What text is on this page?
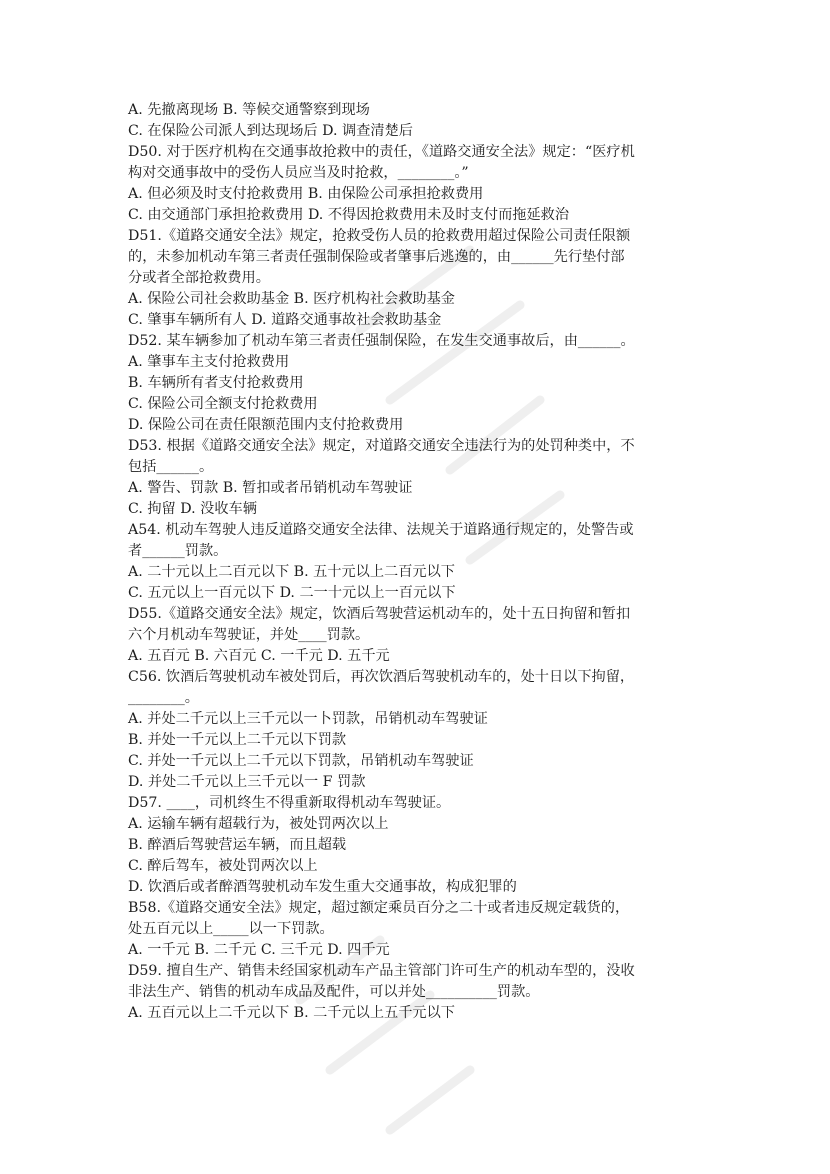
A. 先撤离现场 B. 等候交通警察到现场
C. 在保险公司派人到达现场后 D. 调查清楚后
D50. 对于医疗机构在交通事故抢救中的责任，《道路交通安全法》规定：“医疗机
构对交通事故中的受伤人员应当及时抢救，________。”
A. 但必须及时支付抢救费用 B. 由保险公司承担抢救费用
C. 由交通部门承担抢救费用 D. 不得因抢救费用未及时支付而拖延救治
D51.《道路交通安全法》规定，抢救受伤人员的抢救费用超过保险公司责任限额
的，未参加机动车第三者责任强制保险或者肇事后逃逸的，由______先行垫付部
分或者全部抢救费用。
A. 保险公司社会救助基金 B. 医疗机构社会救助基金
C. 肇事车辆所有人 D. 道路交通事故社会救助基金
D52. 某车辆参加了机动车第三者责任强制保险，在发生交通事故后，由______。
A. 肇事车主支付抢救费用
B. 车辆所有者支付抢救费用
C. 保险公司全额支付抢救费用
D. 保险公司在责任限额范围内支付抢救费用
D53. 根据《道路交通安全法》规定，对道路交通安全违法行为的处罚种类中，不
包括______。
A. 警告、罚款 B. 暂扣或者吊销机动车驾驶证
C. 拘留 D. 没收车辆
A54. 机动车驾驶人违反道路交通安全法律、法规关于道路通行规定的，处警告或
者______罚款。
A. 二十元以上二百元以下 B. 五十元以上二百元以下
C. 五元以上一百元以下 D. 二一十元以上一百元以下
D55.《道路交通安全法》规定，饮酒后驾驶营运机动车的，处十五日拘留和暂扣
六个月机动车驾驶证，并处____罚款。
A. 五百元 B. 六百元 C. 一千元 D. 五千元
C56. 饮酒后驾驶机动车被处罚后，再次饮酒后驾驶机动车的，处十日以下拘留，
________。
A. 并处二千元以上三千元以一卜罚款，吊销机动车驾驶证
B. 并处一千元以上二千元以下罚款
C. 并处一千元以上二千元以下罚款，吊销机动车驾驶证
D. 并处二千元以上三千元以一 F 罚款
D57. ____，司机终生不得重新取得机动车驾驶证。
A. 运输车辆有超载行为，被处罚两次以上
B. 醉酒后驾驶营运车辆，而且超载
C. 醉后驾车，被处罚两次以上
D. 饮酒后或者醉酒驾驶机动车发生重大交通事故，构成犯罪的
B58.《道路交通安全法》规定，超过额定乘员百分之二十或者违反规定载货的，
处五百元以上_____以一下罚款。
A. 一千元 B. 二千元 C. 三千元 D. 四千元
D59. 擅自生产、销售未经国家机动车产品主管部门许可生产的机动车型的，没收
非法生产、销售的机动车成品及配件，可以并处__________罚款。
A. 五百元以上二千元以下 B. 二千元以上五千元以下
